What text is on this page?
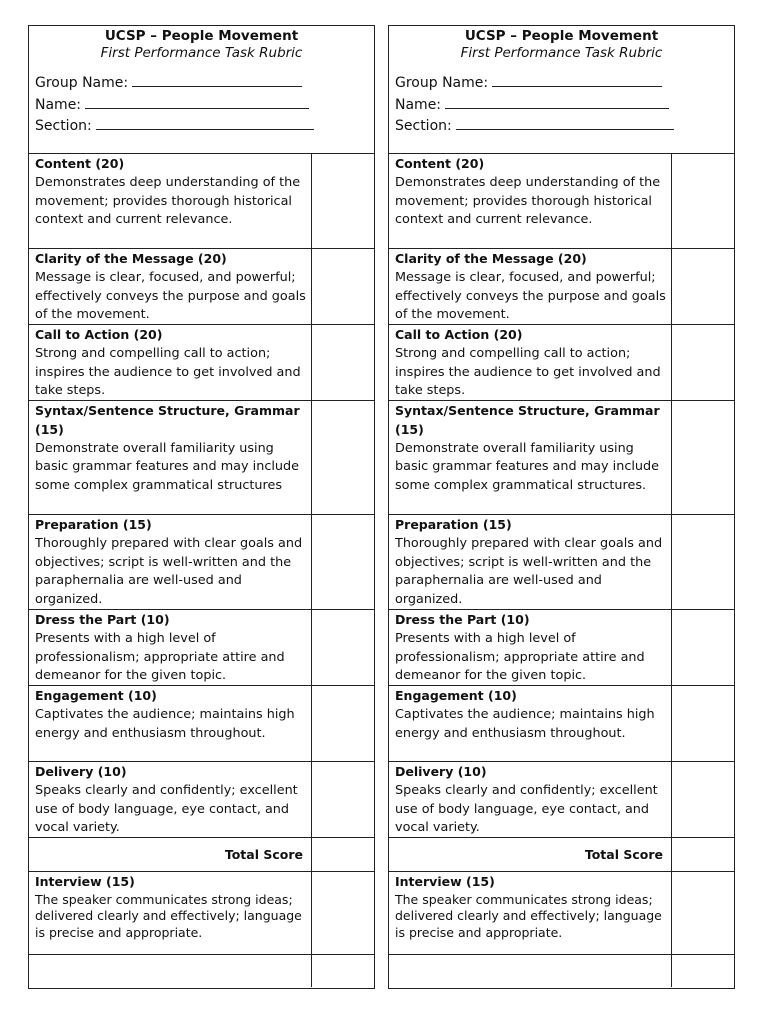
UCSP – People Movement
First Performance Task Rubric
Group Name:
Name:
Section:
Content (20)
Demonstrates deep understanding of the movement; provides thorough historical context and current relevance.
Clarity of the Message (20)
Message is clear, focused, and powerful; effectively conveys the purpose and goals of the movement.
Call to Action (20)
Strong and compelling call to action; inspires the audience to get involved and take steps.
Syntax/Sentence Structure, Grammar (15)
Demonstrate overall familiarity using basic grammar features and may include some complex grammatical structures
Preparation (15)
Thoroughly prepared with clear goals and objectives; script is well-written and the paraphernalia are well-used and organized.
Dress the Part (10)
Presents with a high level of professionalism; appropriate attire and demeanor for the given topic.
Engagement (10)
Captivates the audience; maintains high energy and enthusiasm throughout.
Delivery (10)
Speaks clearly and confidently; excellent use of body language, eye contact, and vocal variety.
Total Score
Interview (15)
The speaker communicates strong ideas; delivered clearly and effectively; language is precise and appropriate.
UCSP – People Movement
First Performance Task Rubric
Group Name:
Name:
Section:
Content (20)
Demonstrates deep understanding of the movement; provides thorough historical context and current relevance.
Clarity of the Message (20)
Message is clear, focused, and powerful; effectively conveys the purpose and goals of the movement.
Call to Action (20)
Strong and compelling call to action; inspires the audience to get involved and take steps.
Syntax/Sentence Structure, Grammar (15)
Demonstrate overall familiarity using basic grammar features and may include some complex grammatical structures.
Preparation (15)
Thoroughly prepared with clear goals and objectives; script is well-written and the paraphernalia are well-used and organized.
Dress the Part (10)
Presents with a high level of professionalism; appropriate attire and demeanor for the given topic.
Engagement (10)
Captivates the audience; maintains high energy and enthusiasm throughout.
Delivery (10)
Speaks clearly and confidently; excellent use of body language, eye contact, and vocal variety.
Total Score
Interview (15)
The speaker communicates strong ideas; delivered clearly and effectively; language is precise and appropriate.
